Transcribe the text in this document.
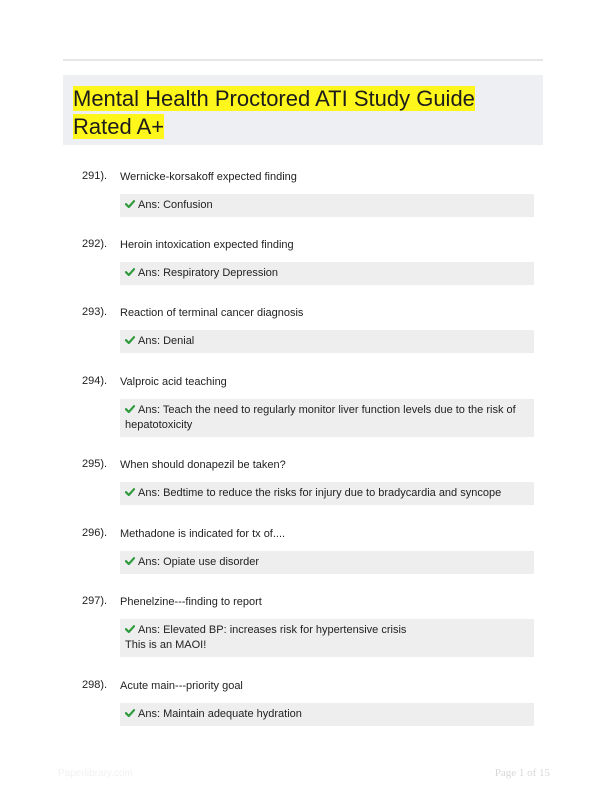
Mental Health Proctored ATI Study Guide Rated A+
291). Wernicke-korsakoff expected finding
Ans: Confusion
292). Heroin intoxication expected finding
Ans: Respiratory Depression
293). Reaction of terminal cancer diagnosis
Ans: Denial
294). Valproic acid teaching
Ans: Teach the need to regularly monitor liver function levels due to the risk of hepatotoxicity
295). When should donapezil be taken?
Ans: Bedtime to reduce the risks for injury due to bradycardia and syncope
296). Methadone is indicated for tx of....
Ans: Opiate use disorder
297). Phenelzine---finding to report
Ans: Elevated BP: increases risk for hypertensive crisis
This is an MAOI!
298). Acute main---priority goal
Ans: Maintain adequate hydration
Paperlibrary.com	Page 1 of 15
